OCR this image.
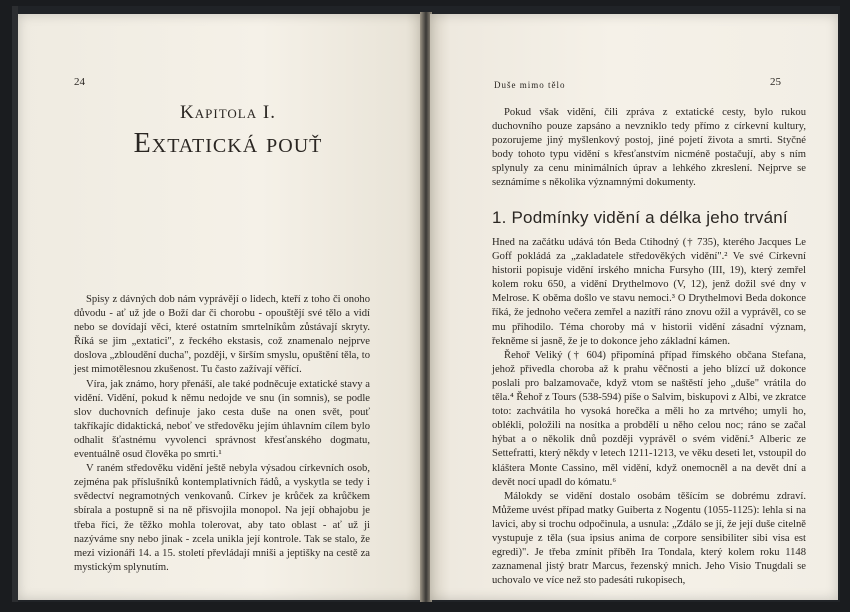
24
Kapitola I.
Extatická pouť

Spisy z dávných dob nám vyprávějí o lidech, kteří z toho či onoho důvodu - ať už jde o Boží dar či chorobu - opouštějí své tělo a vidí nebo se dovídají věci, které ostatním smrtelníkům zůstávají skryty. Říká se jim „extatici", z řeckého ekstasis, což znamenalo nejprve doslova „zbloudění ducha", později, v širším smyslu, opuštění těla, to jest mimotělesnou zkušenost. Tu často zažívají věřící.

Víra, jak známo, hory přenáší, ale také podněcuje extatické stavy a vidění. Vidění, pokud k němu nedojde ve snu (in somnis), se podle slov duchovních definuje jako cesta duše na onen svět, pouť takříkajíc didaktická, neboť ve středověku jejím úhlavním cílem bylo odhalit šťastnému vyvolenci správnost křesťanského dogmatu, eventuálně osud člověka po smrti.¹

V raném středověku vidění ještě nebyla výsadou církevních osob, zejména pak příslušníků kontemplativních řádů, a vyskytla se tedy i svědectví negramotných venkovanů. Církev je krůček za krůčkem sbírala a postupně si na ně přisvojila monopol. Na její obhajobu je třeba říci, že těžko mohla tolerovat, aby tato oblast - ať už ji nazýváme sny nebo jinak - zcela unikla její kontrole. Tak se stalo, že mezi vizionáři 14. a 15. století převládají mniši a jeptišky na cestě za mystickým splynutím.

Duše mimo tělo	25

Pokud však vidění, čili zpráva z extatické cesty, bylo rukou duchovního pouze zapsáno a nevzniklo tedy přímo z církevní kultury, pozorujeme jiný myšlenkový postoj, jiné pojetí života a smrti. Styčné body tohoto typu vidění s křesťanstvím nicméně postačují, aby s ním splynuly za cenu minimálních úprav a lehkého zkreslení. Nejprve se seznámíme s několika významnými dokumenty.

1. Podmínky vidění a délka jeho trvání

Hned na začátku udává tón Beda Ctihodný († 735), kterého Jacques Le Goff pokládá za „zakladatele středověkých vidění".² Ve své Církevní historii popisuje vidění irského mnicha Fursyho (III, 19), který zemřel kolem roku 650, a vidění Drythelmovo (V, 12), jenž dožil své dny v Melrose. K oběma došlo ve stavu nemoci.³ O Drythelmovi Beda dokonce říká, že jednoho večera zemřel a nazítří ráno znovu ožil a vyprávěl, co se mu přihodilo. Téma choroby má v historii vidění zásadní význam, řekněme si jasně, že je to dokonce jeho základní kámen.

Řehoř Veliký († 604) připomíná případ římského občana Stefana, jehož přivedla choroba až k prahu věčnosti a jeho blízcí už dokonce poslali pro balzamovače, když vtom se naštěstí jeho „duše" vrátila do těla.⁴ Řehoř z Tours (538-594) píše o Salvim, biskupovi z Albi, ve zkratce toto: zachvátila ho vysoká horečka a měli ho za mrtvého; umyli ho, oblékli, položili na nosítka a probdělí u něho celou noc; ráno se začal hýbat a o několik dnů později vyprávěl o svém vidění.⁵ Alberic ze Settefratti, který někdy v letech 1211-1213, ve věku deseti let, vstoupil do kláštera Monte Cassino, měl vidění, když onemocněl a na devět dní a devět nocí upadl do kómatu.⁶

Málokdy se vidění dostalo osobám těšícím se dobrému zdraví. Můžeme uvést případ matky Guiberta z Nogentu (1055-1125): lehla si na lavici, aby si trochu odpočinula, a usnula: „Zdálo se jí, že její duše citelně vystupuje z těla (sua ipsius anima de corpore sensibiliter sibi visa est egredi)". Je třeba zmínit příběh Ira Tondala, který kolem roku 1148 zaznamenal jistý bratr Marcus, řezenský mnich. Jeho Visio Tnugdali se uchovalo ve více než sto padesáti rukopisech,
